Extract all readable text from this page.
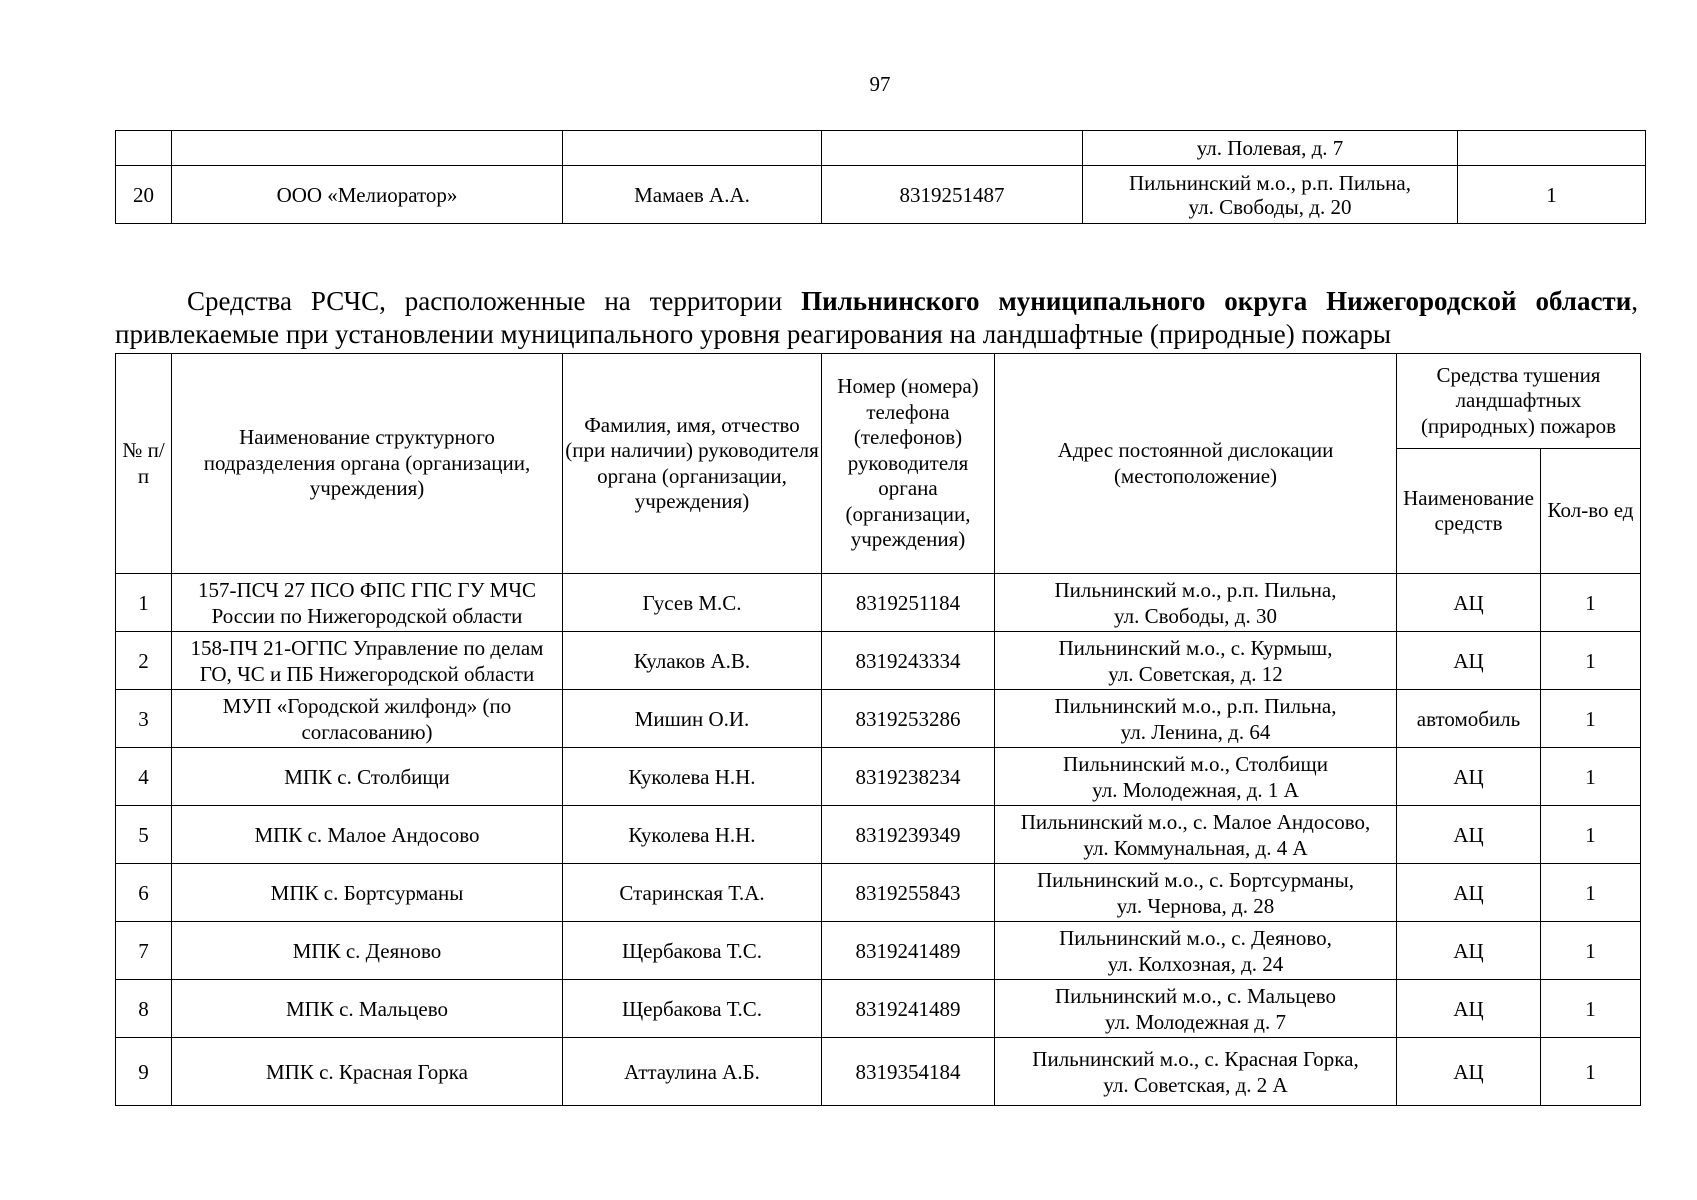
97
				ул. Полевая, д. 7	
20	ООО «Мелиоратор»	Мамаев А.А.	8319251487	Пильнинский м.о., р.п. Пильна,
ул. Свободы, д. 20	1

Средства РСЧС, расположенные на территории Пильнинского муниципального округа Нижегородской области, привлекаемые при установлении муниципального уровня реагирования на ландшафтные (природные) пожары

№ п/п	Наименование структурного подразделения органа (организации, учреждения)	Фамилия, имя, отчество (при наличии) руководителя органа (организации, учреждения)	Номер (номера) телефона (телефонов) руководителя органа (организации, учреждения)	Адрес постоянной дислокации (местоположение)	Средства тушения ландшафтных (природных) пожаров	
					Наименование средств	Кол-во ед
1	157-ПСЧ 27 ПСО ФПС ГПС ГУ МЧС России по Нижегородской области	Гусев М.С.	8319251184	Пильнинский м.о., р.п. Пильна,
ул. Свободы, д. 30	АЦ	1
2	158-ПЧ 21-ОГПС Управление по делам ГО, ЧС и ПБ Нижегородской области	Кулаков А.В.	8319243334	Пильнинский м.о., с. Курмыш,
ул. Советская, д. 12	АЦ	1
3	МУП «Городской жилфонд» (по согласованию)	Мишин О.И.	8319253286	Пильнинский м.о., р.п. Пильна,
ул. Ленина, д. 64	автомобиль	1
4	МПК с. Столбищи	Куколева Н.Н.	8319238234	Пильнинский м.о., Столбищи
ул. Молодежная, д. 1 А	АЦ	1
5	МПК с. Малое Андосово	Куколева Н.Н.	8319239349	Пильнинский м.о., с. Малое Андосово,
ул. Коммунальная, д. 4 А	АЦ	1
6	МПК с. Бортсурманы	Старинская Т.А.	8319255843	Пильнинский м.о., с. Бортсурманы,
ул. Чернова, д. 28	АЦ	1
7	МПК с. Деяново	Щербакова Т.С.	8319241489	Пильнинский м.о., с. Деяново,
ул. Колхозная, д. 24	АЦ	1
8	МПК с. Мальцево	Щербакова Т.С.	8319241489	Пильнинский м.о., с. Мальцево
ул. Молодежная д. 7	АЦ	1
9	МПК с. Красная Горка	Аттаулина А.Б.	8319354184	Пильнинский м.о., с. Красная Горка,
ул. Советская, д. 2 А	АЦ	1
